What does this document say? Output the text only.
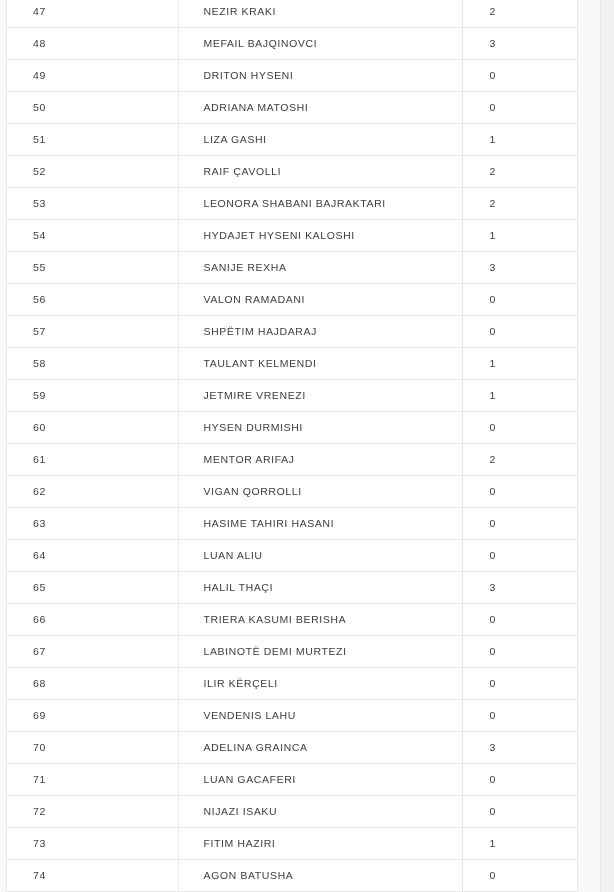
47	NEZIR KRAKI	2
48	MEFAIL BAJQINOVCI	3
49	DRITON HYSENI	0
50	ADRIANA MATOSHI	0
51	LIZA GASHI	1
52	RAIF ÇAVOLLI	2
53	LEONORA SHABANI BAJRAKTARI	2
54	HYDAJET HYSENI KALOSHI	1
55	SANIJE REXHA	3
56	VALON RAMADANI	0
57	SHPËTIM HAJDARAJ	0
58	TAULANT KELMENDI	1
59	JETMIRE VRENEZI	1
60	HYSEN DURMISHI	0
61	MENTOR ARIFAJ	2
62	VIGAN QORROLLI	0
63	HASIME TAHIRI HASANI	0
64	LUAN ALIU	0
65	HALIL THAÇI	3
66	TRIERA KASUMI BERISHA	0
67	LABINOTË DEMI MURTEZI	0
68	ILIR KËRÇELI	0
69	VENDENIS LAHU	0
70	ADELINA GRAINCA	3
71	LUAN GACAFERI	0
72	NIJAZI ISAKU	0
73	FITIM HAZIRI	1
74	AGON BATUSHA	0
